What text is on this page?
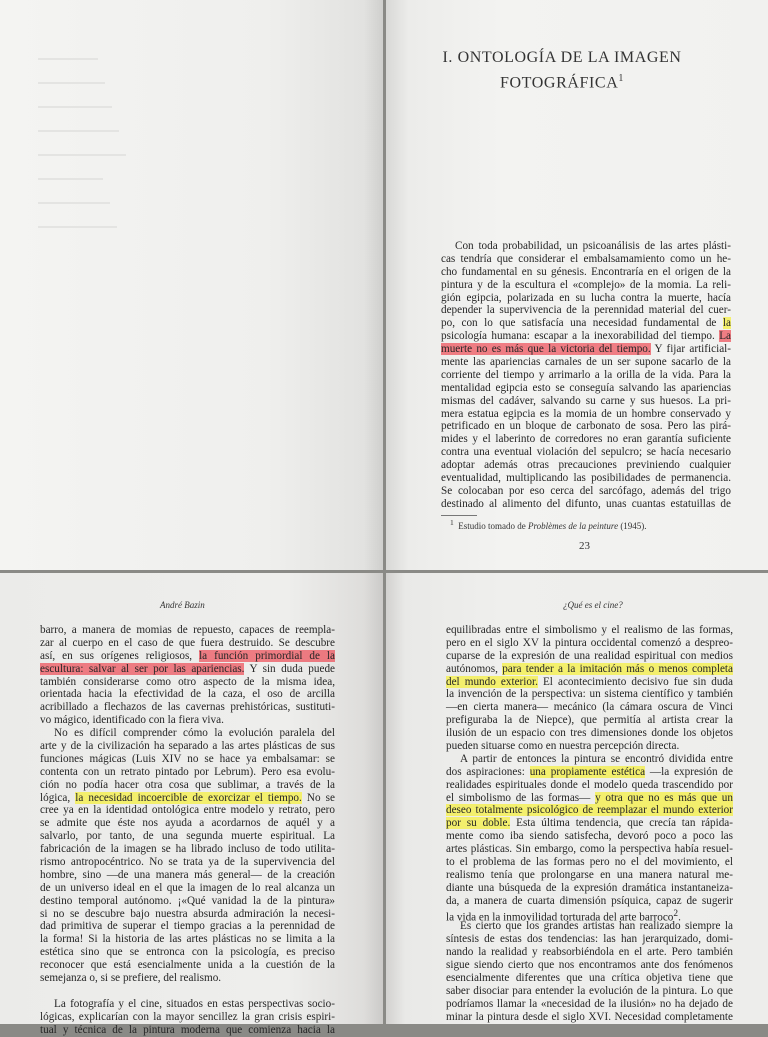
I. ONTOLOGÍA DE LA IMAGEN
FOTOGRÁFICA$^1$
Con toda probabilidad, un psicoanálisis de las artes plásti-
cas tendría que considerar el embalsamamiento como un he-
cho fundamental en su génesis. Encontraría en el origen de la
pintura y de la escultura el «complejo» de la momia. La reli-
gión egipcia, polarizada en su lucha contra la muerte, hacía
depender la supervivencia de la perennidad material del cuer-
po, con lo que satisfacía una necesidad fundamental de la
psicología humana: escapar a la inexorabilidad del tiempo. La
muerte no es más que la victoria del tiempo. Y fijar artificial-
mente las apariencias carnales de un ser supone sacarlo de la
corriente del tiempo y arrimarlo a la orilla de la vida. Para la
mentalidad egipcia esto se conseguía salvando las apariencias
mismas del cadáver, salvando su carne y sus huesos. La pri-
mera estatua egipcia es la momia de un hombre conservado y
petrificado en un bloque de carbonato de sosa. Pero las pirá-
mides y el laberinto de corredores no eran garantía suficiente
contra una eventual violación del sepulcro; se hacía necesario
adoptar además otras precauciones previniendo cualquier
eventualidad, multiplicando las posibilidades de permanencia.
Se colocaban por eso cerca del sarcófago, además del trigo
destinado al alimento del difunto, unas cuantas estatuillas de
$^1$ Estudio tomado de Problèmes de la peinture (1945).
23
André Bazin
barro, a manera de momias de repuesto, capaces de reempla-
zar al cuerpo en el caso de que fuera destruido. Se descubre
así, en sus orígenes religiosos, la función primordial de la
escultura: salvar al ser por las apariencias. Y sin duda puede
también considerarse como otro aspecto de la misma idea,
orientada hacia la efectividad de la caza, el oso de arcilla
acribillado a flechazos de las cavernas prehistóricas, sustituti-
vo mágico, identificado con la fiera viva.
No es difícil comprender cómo la evolución paralela del
arte y de la civilización ha separado a las artes plásticas de sus
funciones mágicas (Luis XIV no se hace ya embalsamar: se
contenta con un retrato pintado por Lebrum). Pero esa evolu-
ción no podía hacer otra cosa que sublimar, a través de la
lógica, la necesidad incoercible de exorcizar el tiempo. No se
cree ya en la identidad ontológica entre modelo y retrato, pero
se admite que éste nos ayuda a acordarnos de aquél y a
salvarlo, por tanto, de una segunda muerte espiritual. La
fabricación de la imagen se ha librado incluso de todo utilita-
rismo antropocéntrico. No se trata ya de la supervivencia del
hombre, sino —de una manera más general— de la creación
de un universo ideal en el que la imagen de lo real alcanza un
destino temporal autónomo. ¡«Qué vanidad la de la pintura»
si no se descubre bajo nuestra absurda admiración la necesi-
dad primitiva de superar el tiempo gracias a la perennidad de
la forma! Si la historia de las artes plásticas no se limita a la
estética sino que se entronca con la psicología, es preciso
reconocer que está esencialmente unida a la cuestión de la
semejanza o, si se prefiere, del realismo.
La fotografía y el cine, situados en estas perspectivas socio-
lógicas, explicarían con la mayor sencillez la gran crisis espiri-
tual y técnica de la pintura moderna que comienza hacia la
¿Qué es el cine?
equilibradas entre el simbolismo y el realismo de las formas,
pero en el siglo XV la pintura occidental comenzó a despreo-
cuparse de la expresión de una realidad espiritual con medios
autónomos, para tender a la imitación más o menos completa
del mundo exterior. El acontecimiento decisivo fue sin duda
la invención de la perspectiva: un sistema científico y también
—en cierta manera— mecánico (la cámara oscura de Vinci
prefiguraba la de Niepce), que permitía al artista crear la
ilusión de un espacio con tres dimensiones donde los objetos
pueden situarse como en nuestra percepción directa.
A partir de entonces la pintura se encontró dividida entre
dos aspiraciones: una propiamente estética —la expresión de
realidades espirituales donde el modelo queda trascendido por
el simbolismo de las formas— y otra que no es más que un
deseo totalmente psicológico de reemplazar el mundo exterior
por su doble. Esta última tendencia, que crecía tan rápida-
mente como iba siendo satisfecha, devoró poco a poco las
artes plásticas. Sin embargo, como la perspectiva había resuel-
to el problema de las formas pero no el del movimiento, el
realismo tenía que prolongarse en una manera natural me-
diante una búsqueda de la expresión dramática instantaneiza-
da, a manera de cuarta dimensión psíquica, capaz de sugerir
la vida en la inmovilidad torturada del arte barroco$^2$.
Es cierto que los grandes artistas han realizado siempre la
síntesis de estas dos tendencias: las han jerarquizado, domi-
nando la realidad y reabsorbiéndola en el arte. Pero también
sigue siendo cierto que nos encontramos ante dos fenómenos
esencialmente diferentes que una crítica objetiva tiene que
saber disociar para entender la evolución de la pintura. Lo que
podríamos llamar la «necesidad de la ilusión» no ha dejado de
minar la pintura desde el siglo XVI. Necesidad completamente
